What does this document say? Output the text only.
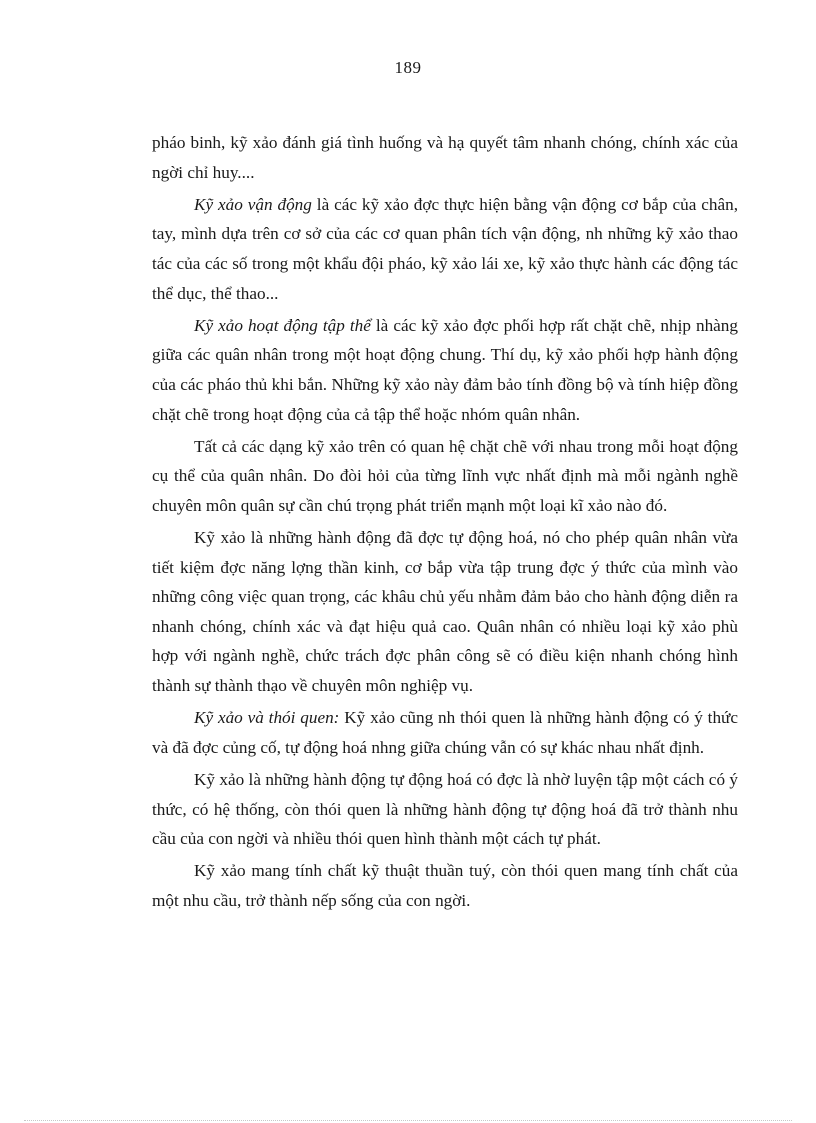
189

pháo binh, kỹ xảo đánh giá tình huống và hạ quyết tâm nhanh chóng, chính xác của ngời chỉ huy....

Kỹ xảo vận động là các kỹ xảo đợc thực hiện bằng vận động cơ bắp của chân, tay, mình dựa trên cơ sở của các cơ quan phân tích vận động, nh những kỹ xảo thao tác của các số trong một khẩu đội pháo, kỹ xảo lái xe, kỹ xảo thực hành các động tác thể dục, thể thao...

Kỹ xảo hoạt động tập thể là các kỹ xảo đợc phối hợp rất chặt chẽ, nhịp nhàng giữa các quân nhân trong một hoạt động chung. Thí dụ, kỹ xảo phối hợp hành động của các pháo thủ khi bắn. Những kỹ xảo này đảm bảo tính đồng bộ và tính hiệp đồng chặt chẽ trong hoạt động của cả tập thể hoặc nhóm quân nhân.

Tất cả các dạng kỹ xảo trên có quan hệ chặt chẽ với nhau trong mỗi hoạt động cụ thể của quân nhân. Do đòi hỏi của từng lĩnh vực nhất định mà mỗi ngành nghề chuyên môn quân sự cần chú trọng phát triển mạnh một loại kĩ xảo nào đó.

Kỹ xảo là những hành động đã đợc tự động hoá, nó cho phép quân nhân vừa tiết kiệm đợc năng lợng thần kinh, cơ bắp vừa tập trung đợc ý thức của mình vào những công việc quan trọng, các khâu chủ yếu nhằm đảm bảo cho hành động diễn ra nhanh chóng, chính xác và đạt hiệu quả cao. Quân nhân có nhiều loại kỹ xảo phù hợp với ngành nghề, chức trách đợc phân công sẽ có điều kiện nhanh chóng hình thành sự thành thạo về chuyên môn nghiệp vụ.

Kỹ xảo và thói quen: Kỹ xảo cũng nh thói quen là những hành động có ý thức và đã đợc củng cố, tự động hoá nhng giữa chúng vẫn có sự khác nhau nhất định.

Kỹ xảo là những hành động tự động hoá có đợc là nhờ luyện tập một cách có ý thức, có hệ thống, còn thói quen là những hành động tự động hoá đã trở thành nhu cầu của con ngời và nhiều thói quen hình thành một cách tự phát.

Kỹ xảo mang tính chất kỹ thuật thuần tuý, còn thói quen mang tính chất của một nhu cầu, trở thành nếp sống của con ngời.
